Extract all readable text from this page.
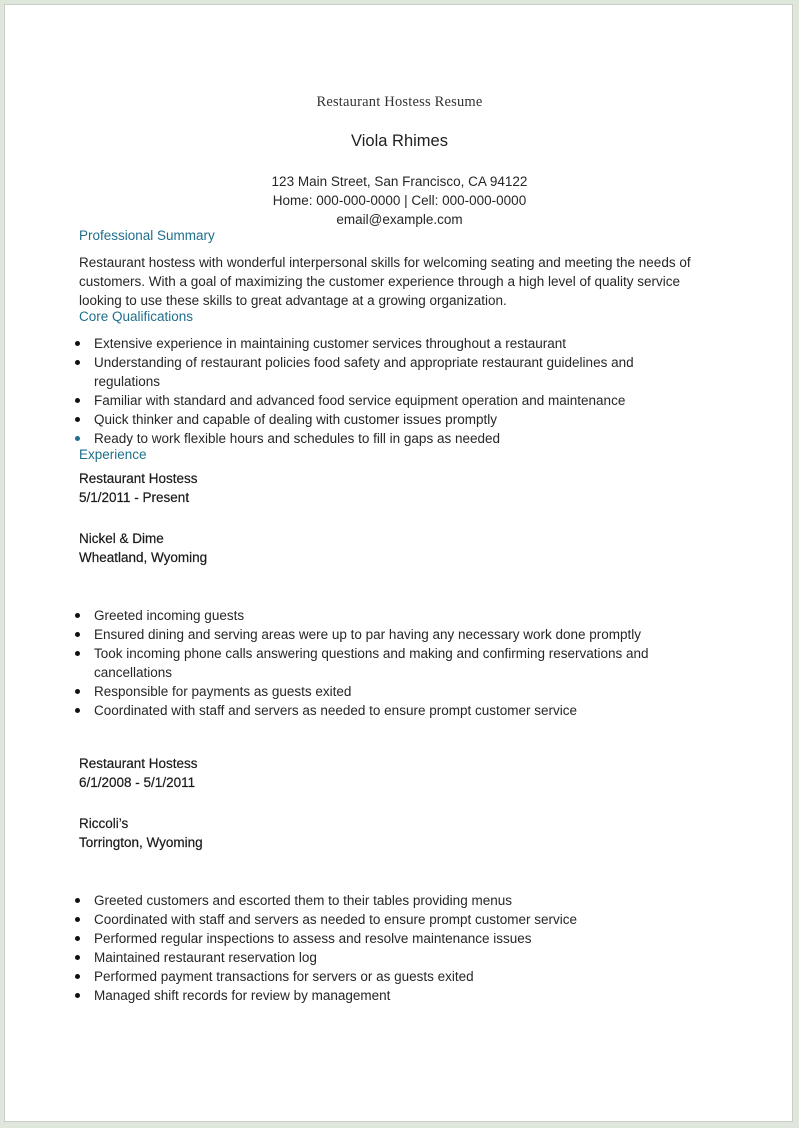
Restaurant Hostess Resume
Viola Rhimes
123 Main Street, San Francisco, CA 94122
Home: 000-000-0000 | Cell: 000-000-0000
email@example.com
Professional Summary
Restaurant hostess with wonderful interpersonal skills for welcoming seating and meeting the needs of
customers. With a goal of maximizing the customer experience through a high level of quality service
looking to use these skills to great advantage at a growing organization.
Core Qualifications
Extensive experience in maintaining customer services throughout a restaurant
Understanding of restaurant policies food safety and appropriate restaurant guidelines and
regulations
Familiar with standard and advanced food service equipment operation and maintenance
Quick thinker and capable of dealing with customer issues promptly
Ready to work flexible hours and schedules to fill in gaps as needed
Experience
Restaurant Hostess
5/1/2011 - Present
Nickel & Dime
Wheatland, Wyoming
Greeted incoming guests
Ensured dining and serving areas were up to par having any necessary work done promptly
Took incoming phone calls answering questions and making and confirming reservations and
cancellations
Responsible for payments as guests exited
Coordinated with staff and servers as needed to ensure prompt customer service
Restaurant Hostess
6/1/2008 - 5/1/2011
Riccoli’s
Torrington, Wyoming
Greeted customers and escorted them to their tables providing menus
Coordinated with staff and servers as needed to ensure prompt customer service
Performed regular inspections to assess and resolve maintenance issues
Maintained restaurant reservation log
Performed payment transactions for servers or as guests exited
Managed shift records for review by management
